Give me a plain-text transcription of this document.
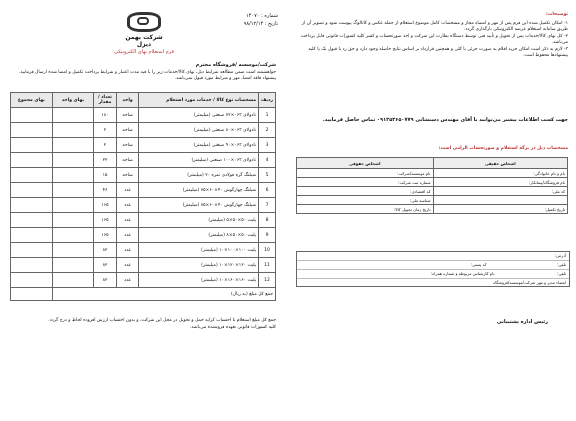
شرکت بهمن دیزل
شماره : ۱۴۰۷۰
تاریخ : ۹۸/۱۲/۱۴
فرم استعلام بهای الکترونیکی
شرکت/موسسه /فروشگاه محترم
خواهشمند است ضمن مطالعه شرایط ذیل، بهای کالا/خدمات زیر را با قید مدت اعتبار و شرایط پرداخت تکمیل و امضا شده ارسال فرمایید. پیشنهاد فاقد امضا، مهر و شرایط مورد قبول نمی‌باشد.
ردیف	مشخصات نوع کالا / خدمات مورد استعلام	واحد	تعداد / مقدار	بهای واحد	بهای مجموع
1	نادولای ۰۶۳×۷۲ صنعتی (میلیمتر)	شاخه	۱۸۰		
2	نادولای ۰۶۳×۸۰ صنعتی (میلیمتر)	شاخه	۲		
3	نادولای ۰۶۳×۹۰ صنعتی (میلیمتر)	شاخه	۲		
4	نادولای ۰۶۳×۱۰۰ صنعتی (میلیمتر)	شاخه	۲۲		
5	شیلنگ گره فولادی نمره ۲۰ (میلیمتر)	شاخه	۱۵		
6	شیلنگ چهارگوش ۴۰×۶۰×۷۵ (میلیمتر)	عدد	۴۶		
7	شیلنگ چهارگوش ۴۰×۶۰×۷۵ (میلیمتر)	عدد	۱۶۵		
8	پلیت ۵۰×۵۰×۵ (میلیمتر)	عدد	۱۶۵		
9	پلیت ۵۰×۵۰×۸ (میلیمتر)	عدد	۱۶۵		
10	پلیت ۱۰۰×۱۰۰×۱۰ (میلیمتر)	عدد	۸۲		
11	پلیت ۱۲۰×۱۲۰×۱۰ (میلیمتر)	عدد	۸۲		
12	پلیت ۱۶۰×۱۶۰×۱۰ (میلیمتر)	عدد	۸۲		
جمع کل مبلغ (به ریال)					
جمع کل مبلغ استعلام با احتساب کرایه حمل و تحویل در محل این شرکت، و بدون احتساب ارزش افزوده لحاظ و درج گردد.
کلیه کسورات قانونی بعهده فروشنده می‌باشد.
توضیحات:
۱- امکان تکمیل شده این فرم پس از مهر و امضاء مجاز و مشخصات کامل موضوع استعلام از جمله عکس و کاتالوگ پیوست شود و تصویر آن از طریق سامانه استعلام عرضه الکترونیکی بارگذاری گردد.
۲- کل بهای کالا/خدمات پس از تحویل و تأیید فنی توسط دستگاه نظارت این شرکت و اخذ صورتحساب و کسر کلیه کسورات قانونی قابل پرداخت می‌باشد.
۳- لازم به ذکر است امکان خرید اقلام به صورت جزئی یا کلی و همچنین قرارداد بر اساس نتایج حاصله وجود دارد و حق رد یا قبول یک یا کلیه پیشنهادها محفوظ است.
جهت کسب اطلاعات بیشتر می‌توانید با آقای مهندس دستشانی ۰۹۱۲۵۳۶۵۰۷۷۹ تماس حاصل فرمایید.
مشخصات ذیل در برگه استعلام و صورتحساب الزامی است:
اشخاص حقیقی	اشخاص حقوقی
نام و نام خانوادگی:	نام موسسه/شرکت:
نام فروشگاه/پیمانکار:	شماره ثبت شرکت:
کد ملی:	کد اقتصادی:
	شناسه ملی:
تاریخ تکمیل:	تاریخ زمان تحویل کالا:
آدرس:
تلفن:  کد پستی:
تلفن:  نام کارشناس مربوطه و شماره همراه:
امضاء مدیر و مهر شرکت/موسسه/فروشگاه
رئیس اداره پشتیبانی
